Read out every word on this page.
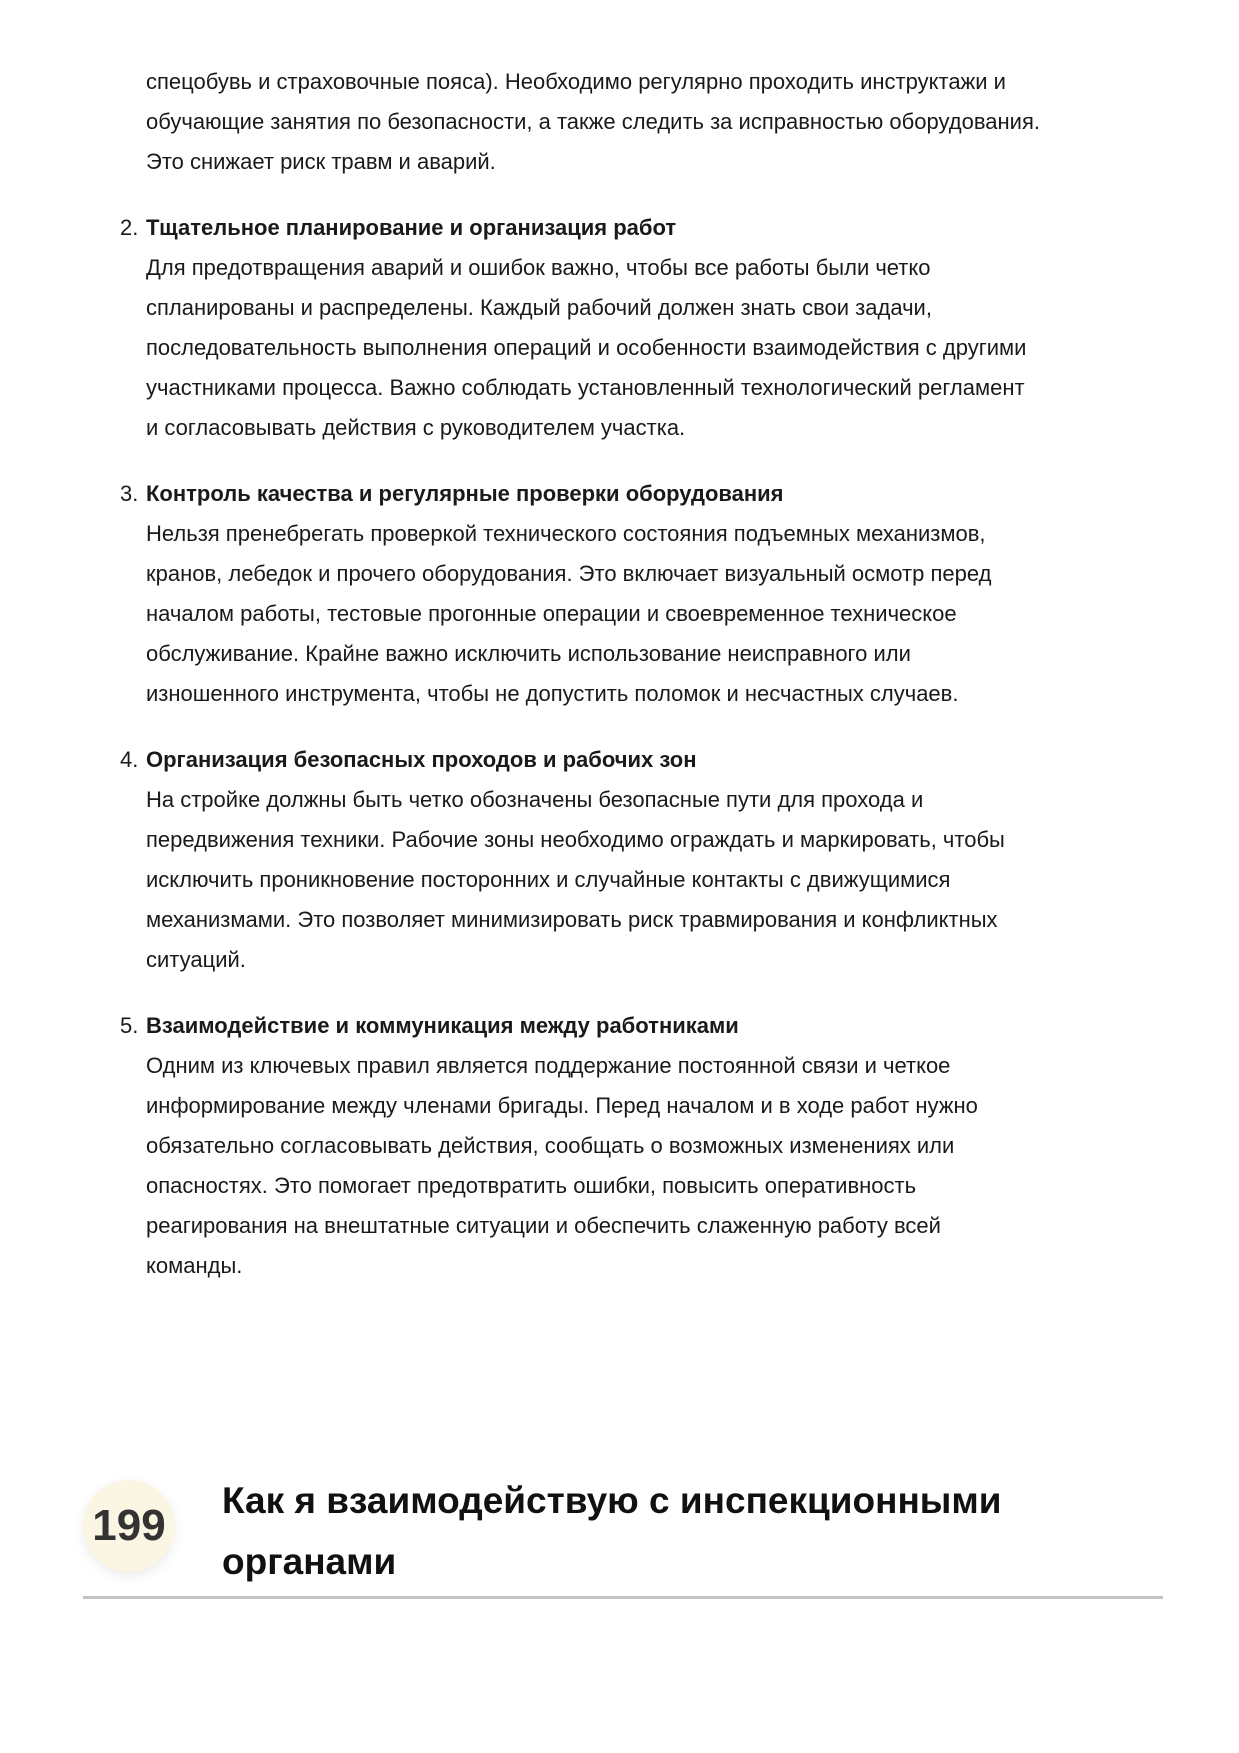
спецобувь и страховочные пояса). Необходимо регулярно проходить инструктажи и
обучающие занятия по безопасности, а также следить за исправностью оборудования.
Это снижает риск травм и аварий.
2. Тщательное планирование и организация работ
Для предотвращения аварий и ошибок важно, чтобы все работы были четко
спланированы и распределены. Каждый рабочий должен знать свои задачи,
последовательность выполнения операций и особенности взаимодействия с другими
участниками процесса. Важно соблюдать установленный технологический регламент
и согласовывать действия с руководителем участка.
3. Контроль качества и регулярные проверки оборудования
Нельзя пренебрегать проверкой технического состояния подъемных механизмов,
кранов, лебедок и прочего оборудования. Это включает визуальный осмотр перед
началом работы, тестовые прогонные операции и своевременное техническое
обслуживание. Крайне важно исключить использование неисправного или
изношенного инструмента, чтобы не допустить поломок и несчастных случаев.
4. Организация безопасных проходов и рабочих зон
На стройке должны быть четко обозначены безопасные пути для прохода и
передвижения техники. Рабочие зоны необходимо ограждать и маркировать, чтобы
исключить проникновение посторонних и случайные контакты с движущимися
механизмами. Это позволяет минимизировать риск травмирования и конфликтных
ситуаций.
5. Взаимодействие и коммуникация между работниками
Одним из ключевых правил является поддержание постоянной связи и четкое
информирование между членами бригады. Перед началом и в ходе работ нужно
обязательно согласовывать действия, сообщать о возможных изменениях или
опасностях. Это помогает предотвратить ошибки, повысить оперативность
реагирования на внештатные ситуации и обеспечить слаженную работу всей
команды.
199
Как я взаимодействую с инспекционными
органами
